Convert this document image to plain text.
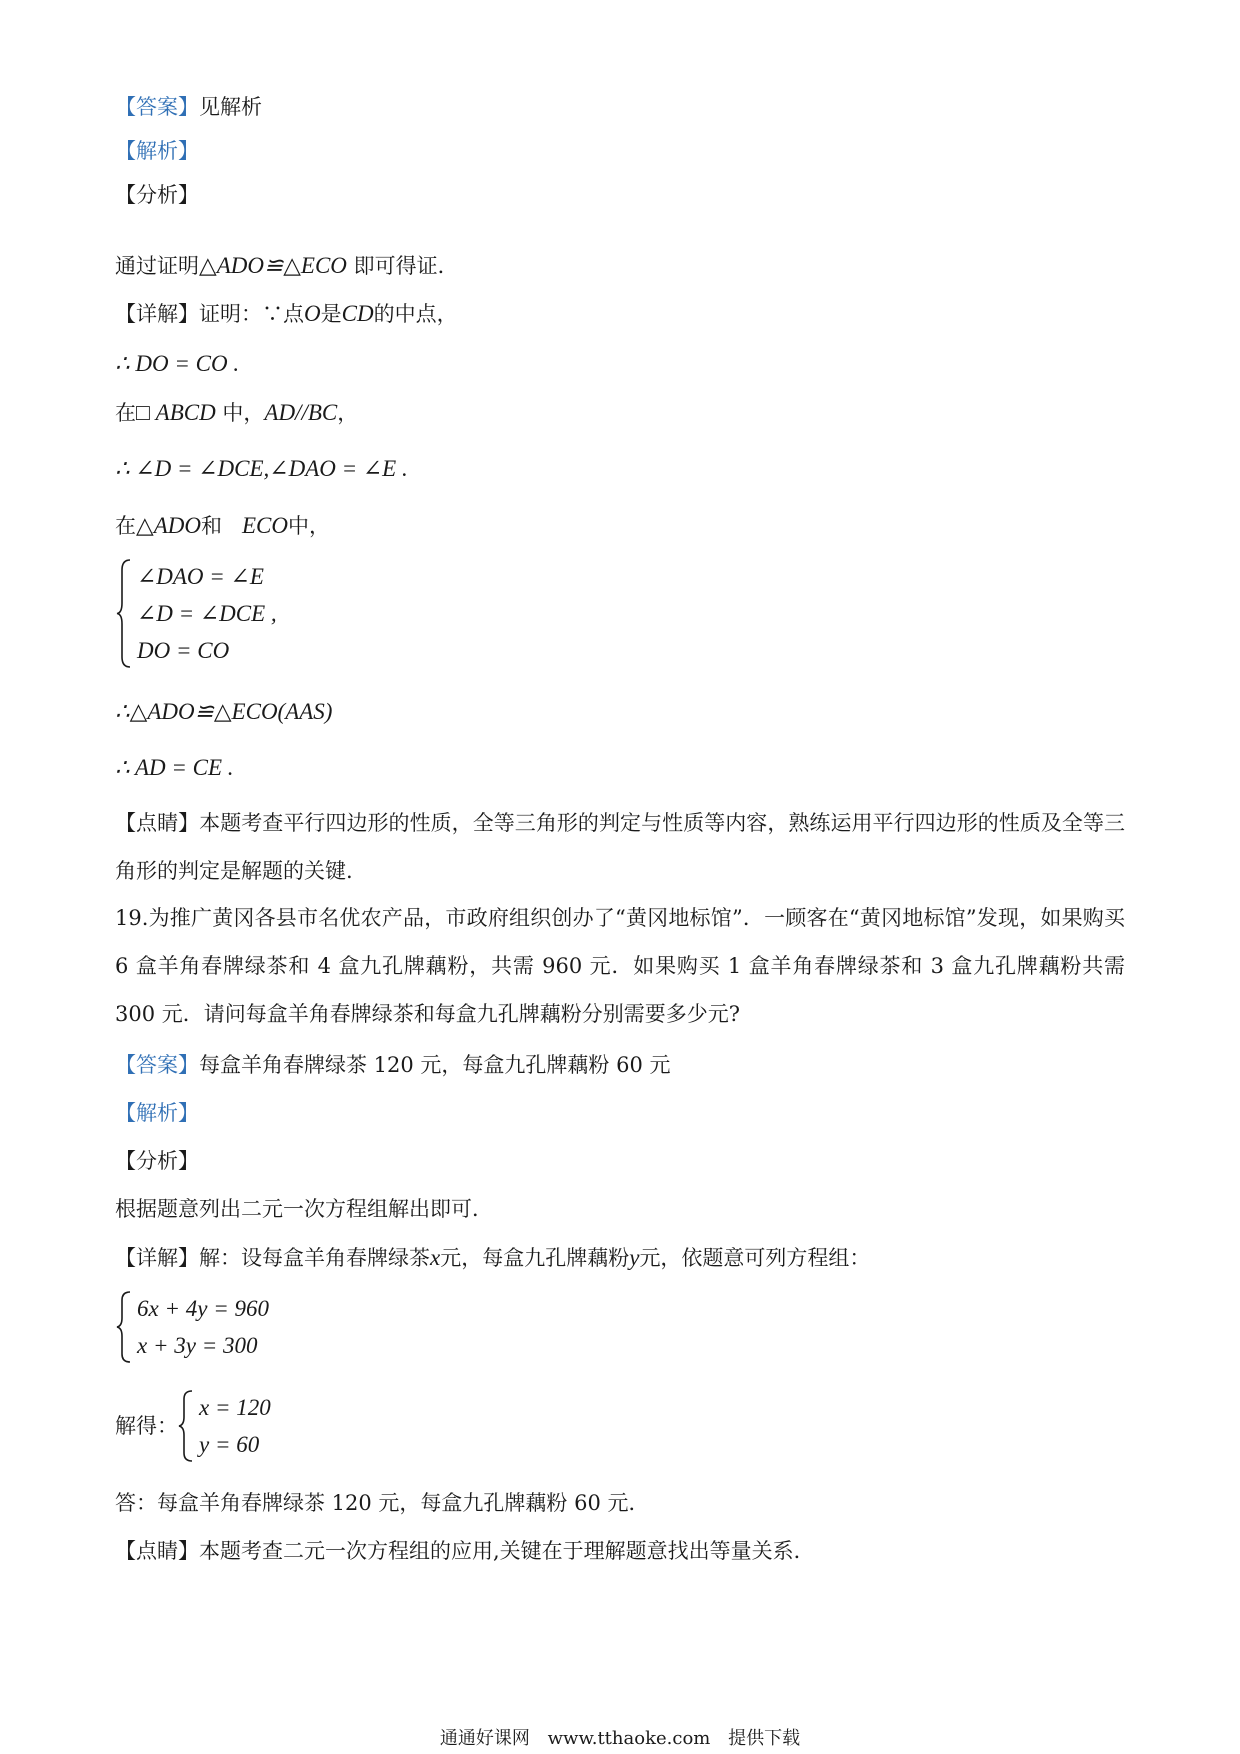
【答案】见解析
【解析】
【分析】
通过证明△ADO≌△ECO 即可得证．
【详解】证明：∵点O是CD的中点，
∴ DO = CO .
在□ ABCD 中，AD//BC，
∴ ∠D = ∠DCE,∠DAO = ∠E .
在△ADO和 ECO中，
∠DAO = ∠E
∠D = ∠DCE ,
DO = CO
∴△ADO≌△ECO(AAS)
∴ AD = CE .
【点睛】本题考查平行四边形的性质，全等三角形的判定与性质等内容，熟练运用平行四边形的性质及全等三角形的判定是解题的关键.
19.为推广黄冈各县市名优农产品，市政府组织创办了“黄冈地标馆”．一顾客在“黄冈地标馆”发现，如果购买 6 盒羊角春牌绿茶和 4 盒九孔牌藕粉，共需 960 元．如果购买 1 盒羊角春牌绿茶和 3 盒九孔牌藕粉共需 300 元．请问每盒羊角春牌绿茶和每盒九孔牌藕粉分别需要多少元?
【答案】每盒羊角春牌绿茶 120 元，每盒九孔牌藕粉 60 元
【解析】
【分析】
根据题意列出二元一次方程组解出即可．
【详解】解：设每盒羊角春牌绿茶x元，每盒九孔牌藕粉y元，依题意可列方程组：
6x + 4y = 960
x + 3y = 300
解得：
x = 120
y = 60
答：每盒羊角春牌绿茶 120 元，每盒九孔牌藕粉 60 元．
【点睛】本题考查二元一次方程组的应用,关键在于理解题意找出等量关系．
通通好课网 www.tthaoke.com 提供下载
